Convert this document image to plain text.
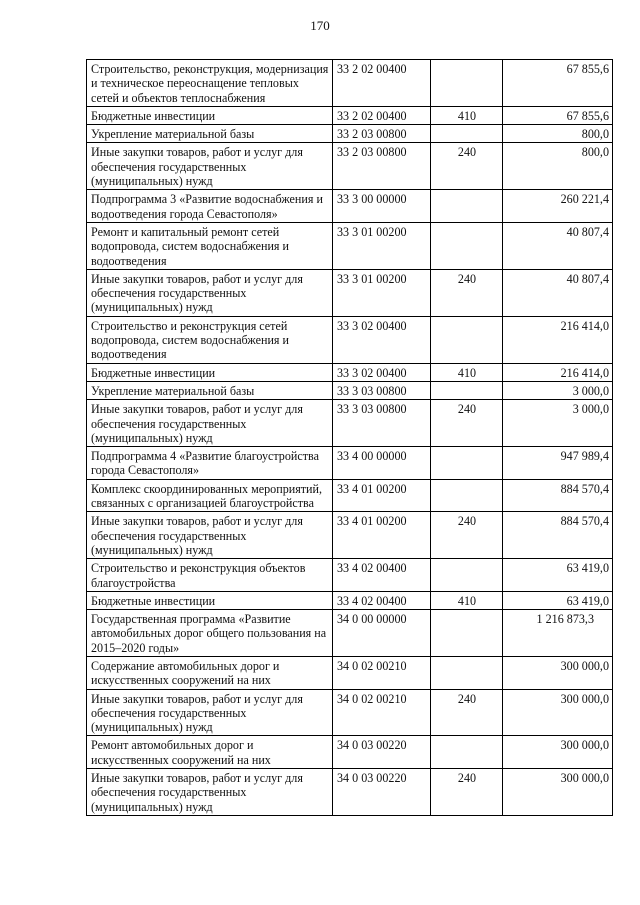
170
Строительство, реконструкция, модернизация и техническое переоснащение тепловых сетей и объектов теплоснабжения	33 2 02 00400		67 855,6
Бюджетные инвестиции	33 2 02 00400	410	67 855,6
Укрепление материальной базы	33 2 03 00800		800,0
Иные закупки товаров, работ и услуг для обеспечения государственных (муниципальных) нужд	33 2 03 00800	240	800,0
Подпрограмма 3 «Развитие водоснабжения и водоотведения города Севастополя»	33 3 00 00000		260 221,4
Ремонт и капитальный ремонт сетей водопровода, систем водоснабжения и водоотведения	33 3 01 00200		40 807,4
Иные закупки товаров, работ и услуг для обеспечения государственных (муниципальных) нужд	33 3 01 00200	240	40 807,4
Строительство и реконструкция сетей водопровода, систем водоснабжения и водоотведения	33 3 02 00400		216 414,0
Бюджетные инвестиции	33 3 02 00400	410	216 414,0
Укрепление материальной базы	33 3 03 00800		3 000,0
Иные закупки товаров, работ и услуг для обеспечения государственных (муниципальных) нужд	33 3 03 00800	240	3 000,0
Подпрограмма 4 «Развитие благоустройства города Севастополя»	33 4 00 00000		947 989,4
Комплекс скоординированных мероприятий, связанных с организацией благоустройства	33 4 01 00200		884 570,4
Иные закупки товаров, работ и услуг для обеспечения государственных (муниципальных) нужд	33 4 01 00200	240	884 570,4
Строительство и реконструкция объектов благоустройства	33 4 02 00400		63 419,0
Бюджетные инвестиции	33 4 02 00400	410	63 419,0
Государственная программа «Развитие автомобильных дорог общего пользования на 2015–2020 годы»	34 0 00 00000		1 216 873,3
Содержание автомобильных дорог и искусственных сооружений на них	34 0 02 00210		300 000,0
Иные закупки товаров, работ и услуг для обеспечения государственных (муниципальных) нужд	34 0 02 00210	240	300 000,0
Ремонт автомобильных дорог и искусственных сооружений на них	34 0 03 00220		300 000,0
Иные закупки товаров, работ и услуг для обеспечения государственных (муниципальных) нужд	34 0 03 00220	240	300 000,0
